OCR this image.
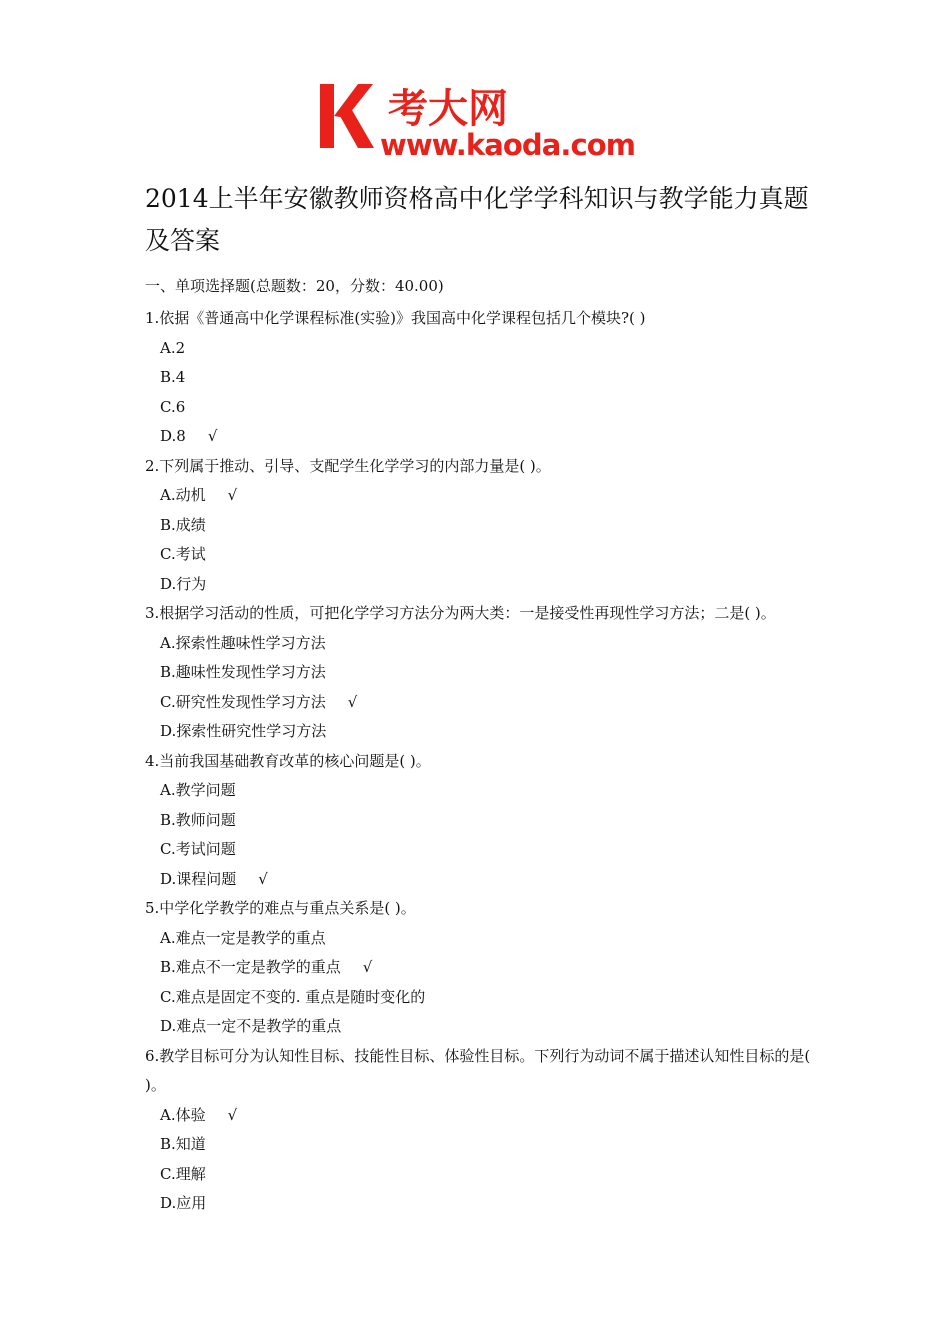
考大网
www.kaoda.com
2014上半年安徽教师资格高中化学学科知识与教学能力真题及答案

一、单项选择题(总题数：20，分数：40.00)

1.依据《普通高中化学课程标准(实验)》我国高中化学课程包括几个模块?( )

A.2

B.4

C.6

D.8 √

2.下列属于推动、引导、支配学生化学学习的内部力量是( )。

A.动机 √

B.成绩

C.考试

D.行为

3.根据学习活动的性质，可把化学学习方法分为两大类：一是接受性再现性学习方法；二是( )。

A.探索性趣味性学习方法

B.趣味性发现性学习方法

C.研究性发现性学习方法 √

D.探索性研究性学习方法

4.当前我国基础教育改革的核心问题是( )。

A.教学问题

B.教师问题

C.考试问题

D.课程问题 √

5.中学化学教学的难点与重点关系是( )。

A.难点一定是教学的重点

B.难点不一定是教学的重点 √

C.难点是固定不变的. 重点是随时变化的

D.难点一定不是教学的重点

6.教学目标可分为认知性目标、技能性目标、体验性目标。下列行为动词不属于描述认知性目标的是( )。

A.体验 √

B.知道

C.理解

D.应用
